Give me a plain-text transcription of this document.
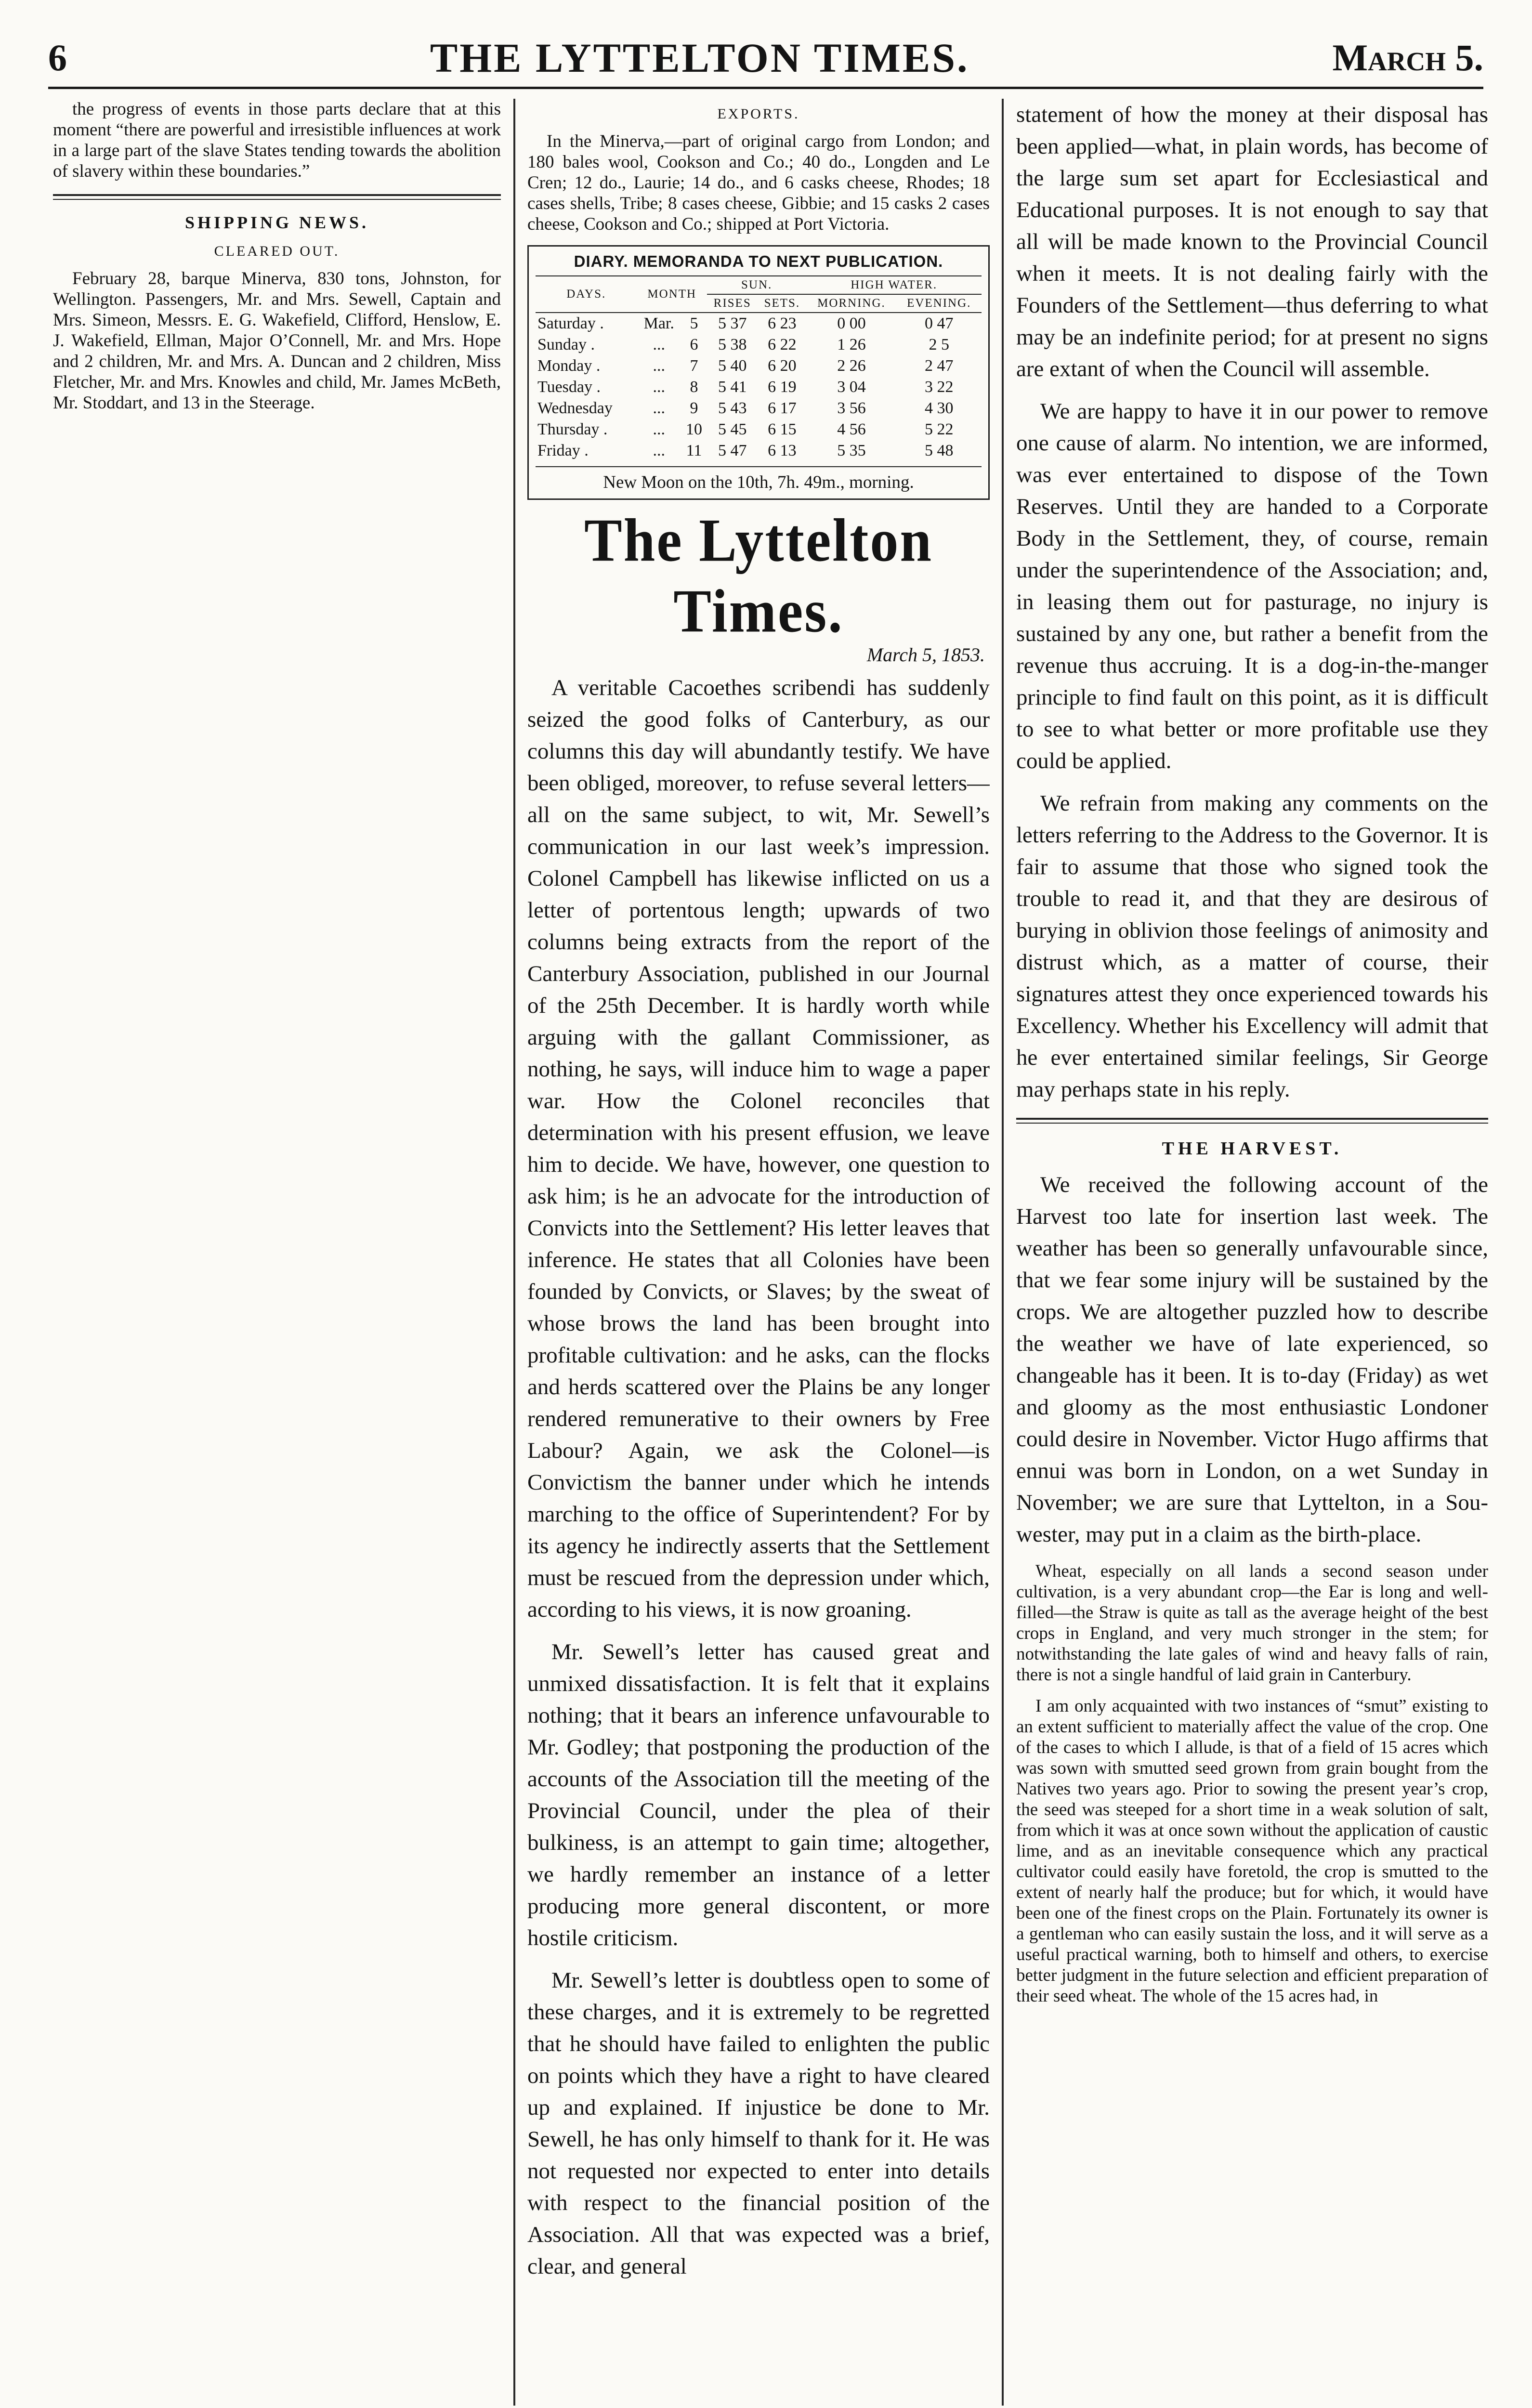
6	THE LYTTELTON TIMES.	March 5.

the progress of events in those parts declare that at this moment “there are powerful and irresistible influences at work in a large part of the slave States tending towards the abolition of slavery within these boundaries.”

SHIPPING NEWS.
CLEARED OUT.

February 28, barque Minerva, 830 tons, Johnston, for Wellington. Passengers, Mr. and Mrs. Sewell, Captain and Mrs. Simeon, Messrs. E. G. Wakefield, Clifford, Henslow, E. J. Wakefield, Ellman, Major O’Connell, Mr. and Mrs. Hope and 2 children, Mr. and Mrs. A. Duncan and 2 children, Miss Fletcher, Mr. and Mrs. Knowles and child, Mr. James McBeth, Mr. Stoddart, and 13 in the Steerage.

EXPORTS.

In the Minerva,—part of original cargo from London; and 180 bales wool, Cookson and Co.; 40 do., Longden and Le Cren; 12 do., Laurie; 14 do., and 6 casks cheese, Rhodes; 18 cases shells, Tribe; 8 cases cheese, Gibbie; and 15 casks 2 cases cheese, Cookson and Co.; shipped at Port Victoria.

DIARY. MEMORANDA TO NEXT PUBLICATION.
DAYS.	MONTH		SUN.		HIGH WATER.	
			RISES	SETS.	MORNING.	EVENING.
Saturday .	Mar.	5	5 37	6 23	0 00	0 47
Sunday .	...	6	5 38	6 22	1 26	2 5
Monday .	...	7	5 40	6 20	2 26	2 47
Tuesday .	...	8	5 41	6 19	3 04	3 22
Wednesday	...	9	5 43	6 17	3 56	4 30
Thursday .	...	10	5 45	6 15	4 56	5 22
Friday .	...	11	5 47	6 13	5 35	5 48
New Moon on the 10th, 7h. 49m., morning.
The Lyttelton Times.
March 5, 1853.

A veritable Cacoethes scribendi has suddenly seized the good folks of Canterbury, as our columns this day will abundantly testify. We have been obliged, moreover, to refuse several letters—all on the same subject, to wit, Mr. Sewell’s communication in our last week’s impression. Colonel Campbell has likewise inflicted on us a letter of portentous length; upwards of two columns being extracts from the report of the Canterbury Association, published in our Journal of the 25th December. It is hardly worth while arguing with the gallant Commissioner, as nothing, he says, will induce him to wage a paper war. How the Colonel reconciles that determination with his present effusion, we leave him to decide. We have, however, one question to ask him; is he an advocate for the introduction of Convicts into the Settlement? His letter leaves that inference. He states that all Colonies have been founded by Convicts, or Slaves; by the sweat of whose brows the land has been brought into profitable cultivation: and he asks, can the flocks and herds scattered over the Plains be any longer rendered remunerative to their owners by Free Labour? Again, we ask the Colonel—is Convictism the banner under which he intends marching to the office of Superintendent? For by its agency he indirectly asserts that the Settlement must be rescued from the depression under which, according to his views, it is now groaning.

Mr. Sewell’s letter has caused great and unmixed dissatisfaction. It is felt that it explains nothing; that it bears an inference unfavourable to Mr. Godley; that postponing the production of the accounts of the Association till the meeting of the Provincial Council, under the plea of their bulkiness, is an attempt to gain time; altogether, we hardly remember an instance of a letter producing more general discontent, or more hostile criticism.

Mr. Sewell’s letter is doubtless open to some of these charges, and it is extremely to be regretted that he should have failed to enlighten the public on points which they have a right to have cleared up and explained. If injustice be done to Mr. Sewell, he has only himself to thank for it. He was not requested nor expected to enter into details with respect to the financial position of the Association. All that was expected was a brief, clear, and general

statement of how the money at their disposal has been applied—what, in plain words, has become of the large sum set apart for Ecclesiastical and Educational purposes. It is not enough to say that all will be made known to the Provincial Council when it meets. It is not dealing fairly with the Founders of the Settlement—thus deferring to what may be an indefinite period; for at present no signs are extant of when the Council will assemble.

We are happy to have it in our power to remove one cause of alarm. No intention, we are informed, was ever entertained to dispose of the Town Reserves. Until they are handed to a Corporate Body in the Settlement, they, of course, remain under the superintendence of the Association; and, in leasing them out for pasturage, no injury is sustained by any one, but rather a benefit from the revenue thus accruing. It is a dog-in-the-manger principle to find fault on this point, as it is difficult to see to what better or more profitable use they could be applied.

We refrain from making any comments on the letters referring to the Address to the Governor. It is fair to assume that those who signed took the trouble to read it, and that they are desirous of burying in oblivion those feelings of animosity and distrust which, as a matter of course, their signatures attest they once experienced towards his Excellency. Whether his Excellency will admit that he ever entertained similar feelings, Sir George may perhaps state in his reply.

THE HARVEST.

We received the following account of the Harvest too late for insertion last week. The weather has been so generally unfavourable since, that we fear some injury will be sustained by the crops. We are altogether puzzled how to describe the weather we have of late experienced, so changeable has it been. It is to-day (Friday) as wet and gloomy as the most enthusiastic Londoner could desire in November. Victor Hugo affirms that ennui was born in London, on a wet Sunday in November; we are sure that Lyttelton, in a Sou-wester, may put in a claim as the birth-place.

Wheat, especially on all lands a second season under cultivation, is a very abundant crop—the Ear is long and well-filled—the Straw is quite as tall as the average height of the best crops in England, and very much stronger in the stem; for notwithstanding the late gales of wind and heavy falls of rain, there is not a single handful of laid grain in Canterbury.

I am only acquainted with two instances of “smut” existing to an extent sufficient to materially affect the value of the crop. One of the cases to which I allude, is that of a field of 15 acres which was sown with smutted seed grown from grain bought from the Natives two years ago. Prior to sowing the present year’s crop, the seed was steeped for a short time in a weak solution of salt, from which it was at once sown without the application of caustic lime, and as an inevitable consequence which any practical cultivator could easily have foretold, the crop is smutted to the extent of nearly half the produce; but for which, it would have been one of the finest crops on the Plain. Fortunately its owner is a gentleman who can easily sustain the loss, and it will serve as a useful practical warning, both to himself and others, to exercise better judgment in the future selection and efficient preparation of their seed wheat. The whole of the 15 acres had, in
